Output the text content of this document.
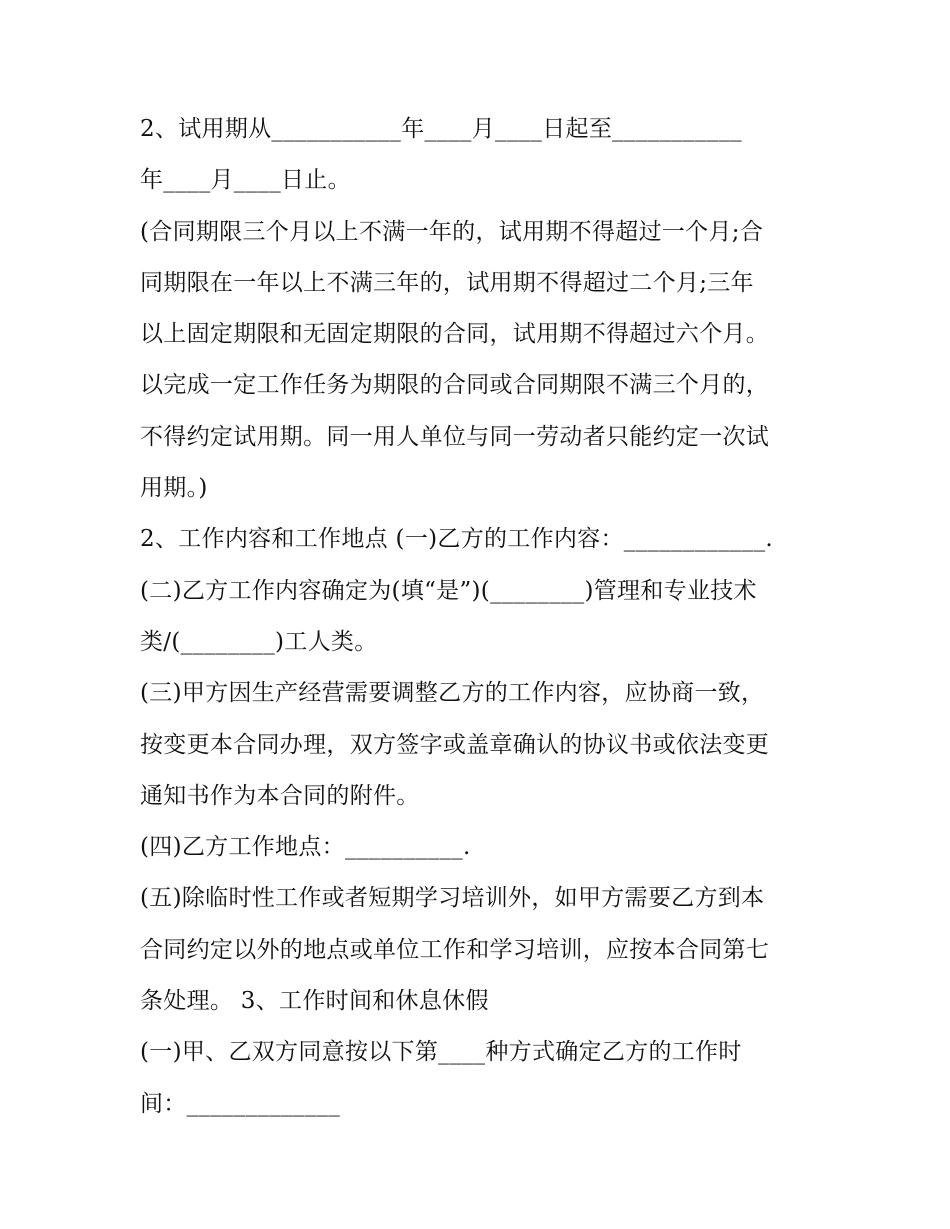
2、试用期从___________年____月____日起至___________
年____月____日止。
(合同期限三个月以上不满一年的，试用期不得超过一个月;合
同期限在一年以上不满三年的，试用期不得超过二个月;三年
以上固定期限和无固定期限的合同，试用期不得超过六个月。
以完成一定工作任务为期限的合同或合同期限不满三个月的，
不得约定试用期。同一用人单位与同一劳动者只能约定一次试
用期。)
2、工作内容和工作地点 (一)乙方的工作内容：____________.
(二)乙方工作内容确定为(填“是”)(________)管理和专业技术
类/(________)工人类。
(三)甲方因生产经营需要调整乙方的工作内容，应协商一致，
按变更本合同办理，双方签字或盖章确认的协议书或依法变更
通知书作为本合同的附件。
(四)乙方工作地点：__________.
(五)除临时性工作或者短期学习培训外，如甲方需要乙方到本
合同约定以外的地点或单位工作和学习培训，应按本合同第七
条处理。 3、工作时间和休息休假
(一)甲、乙双方同意按以下第____种方式确定乙方的工作时
间：_____________
